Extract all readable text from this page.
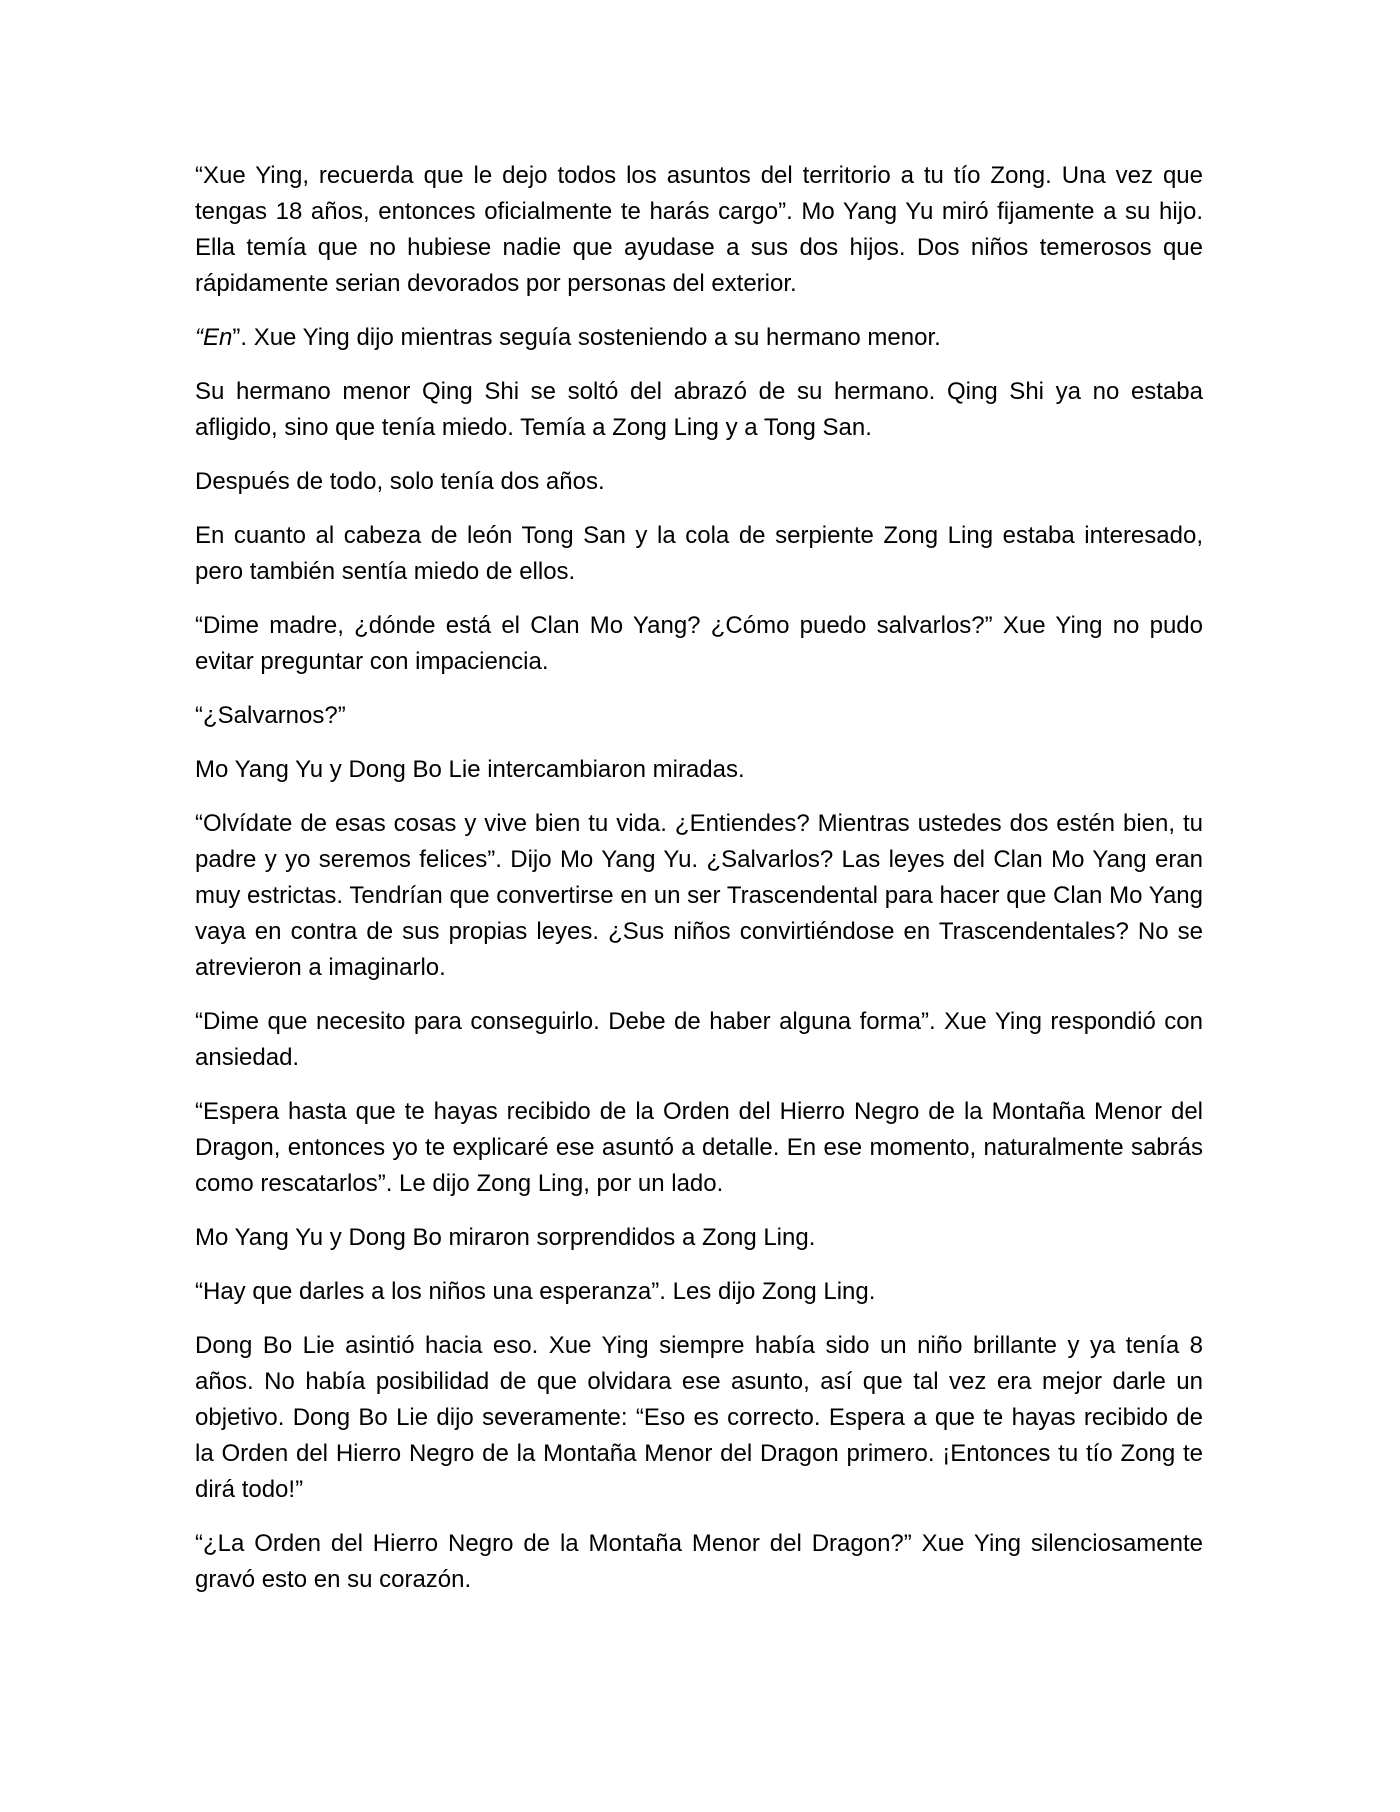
“Xue Ying, recuerda que le dejo todos los asuntos del territorio a tu tío Zong. Una vez que tengas 18 años, entonces oficialmente te harás cargo”. Mo Yang Yu miró fijamente a su hijo. Ella temía que no hubiese nadie que ayudase a sus dos hijos. Dos niños temerosos que rápidamente serian devorados por personas del exterior.

“En”. Xue Ying dijo mientras seguía sosteniendo a su hermano menor.

Su hermano menor Qing Shi se soltó del abrazó de su hermano. Qing Shi ya no estaba afligido, sino que tenía miedo. Temía a Zong Ling y a Tong San.

Después de todo, solo tenía dos años.

En cuanto al cabeza de león Tong San y la cola de serpiente Zong Ling estaba interesado, pero también sentía miedo de ellos.

“Dime madre, ¿dónde está el Clan Mo Yang? ¿Cómo puedo salvarlos?” Xue Ying no pudo evitar preguntar con impaciencia.

“¿Salvarnos?”

Mo Yang Yu y Dong Bo Lie intercambiaron miradas.

“Olvídate de esas cosas y vive bien tu vida. ¿Entiendes? Mientras ustedes dos estén bien, tu padre y yo seremos felices”. Dijo Mo Yang Yu. ¿Salvarlos? Las leyes del Clan Mo Yang eran muy estrictas. Tendrían que convertirse en un ser Trascendental para hacer que Clan Mo Yang vaya en contra de sus propias leyes. ¿Sus niños convirtiéndose en Trascendentales? No se atrevieron a imaginarlo.

“Dime que necesito para conseguirlo. Debe de haber alguna forma”. Xue Ying respondió con ansiedad.

“Espera hasta que te hayas recibido de la Orden del Hierro Negro de la Montaña Menor del Dragon, entonces yo te explicaré ese asuntó a detalle. En ese momento, naturalmente sabrás como rescatarlos”. Le dijo Zong Ling, por un lado.

Mo Yang Yu y Dong Bo miraron sorprendidos a Zong Ling.

“Hay que darles a los niños una esperanza”. Les dijo Zong Ling.

Dong Bo Lie asintió hacia eso. Xue Ying siempre había sido un niño brillante y ya tenía 8 años. No había posibilidad de que olvidara ese asunto, así que tal vez era mejor darle un objetivo. Dong Bo Lie dijo severamente: “Eso es correcto. Espera a que te hayas recibido de la Orden del Hierro Negro de la Montaña Menor del Dragon primero. ¡Entonces tu tío Zong te dirá todo!”

“¿La Orden del Hierro Negro de la Montaña Menor del Dragon?” Xue Ying silenciosamente gravó esto en su corazón.
